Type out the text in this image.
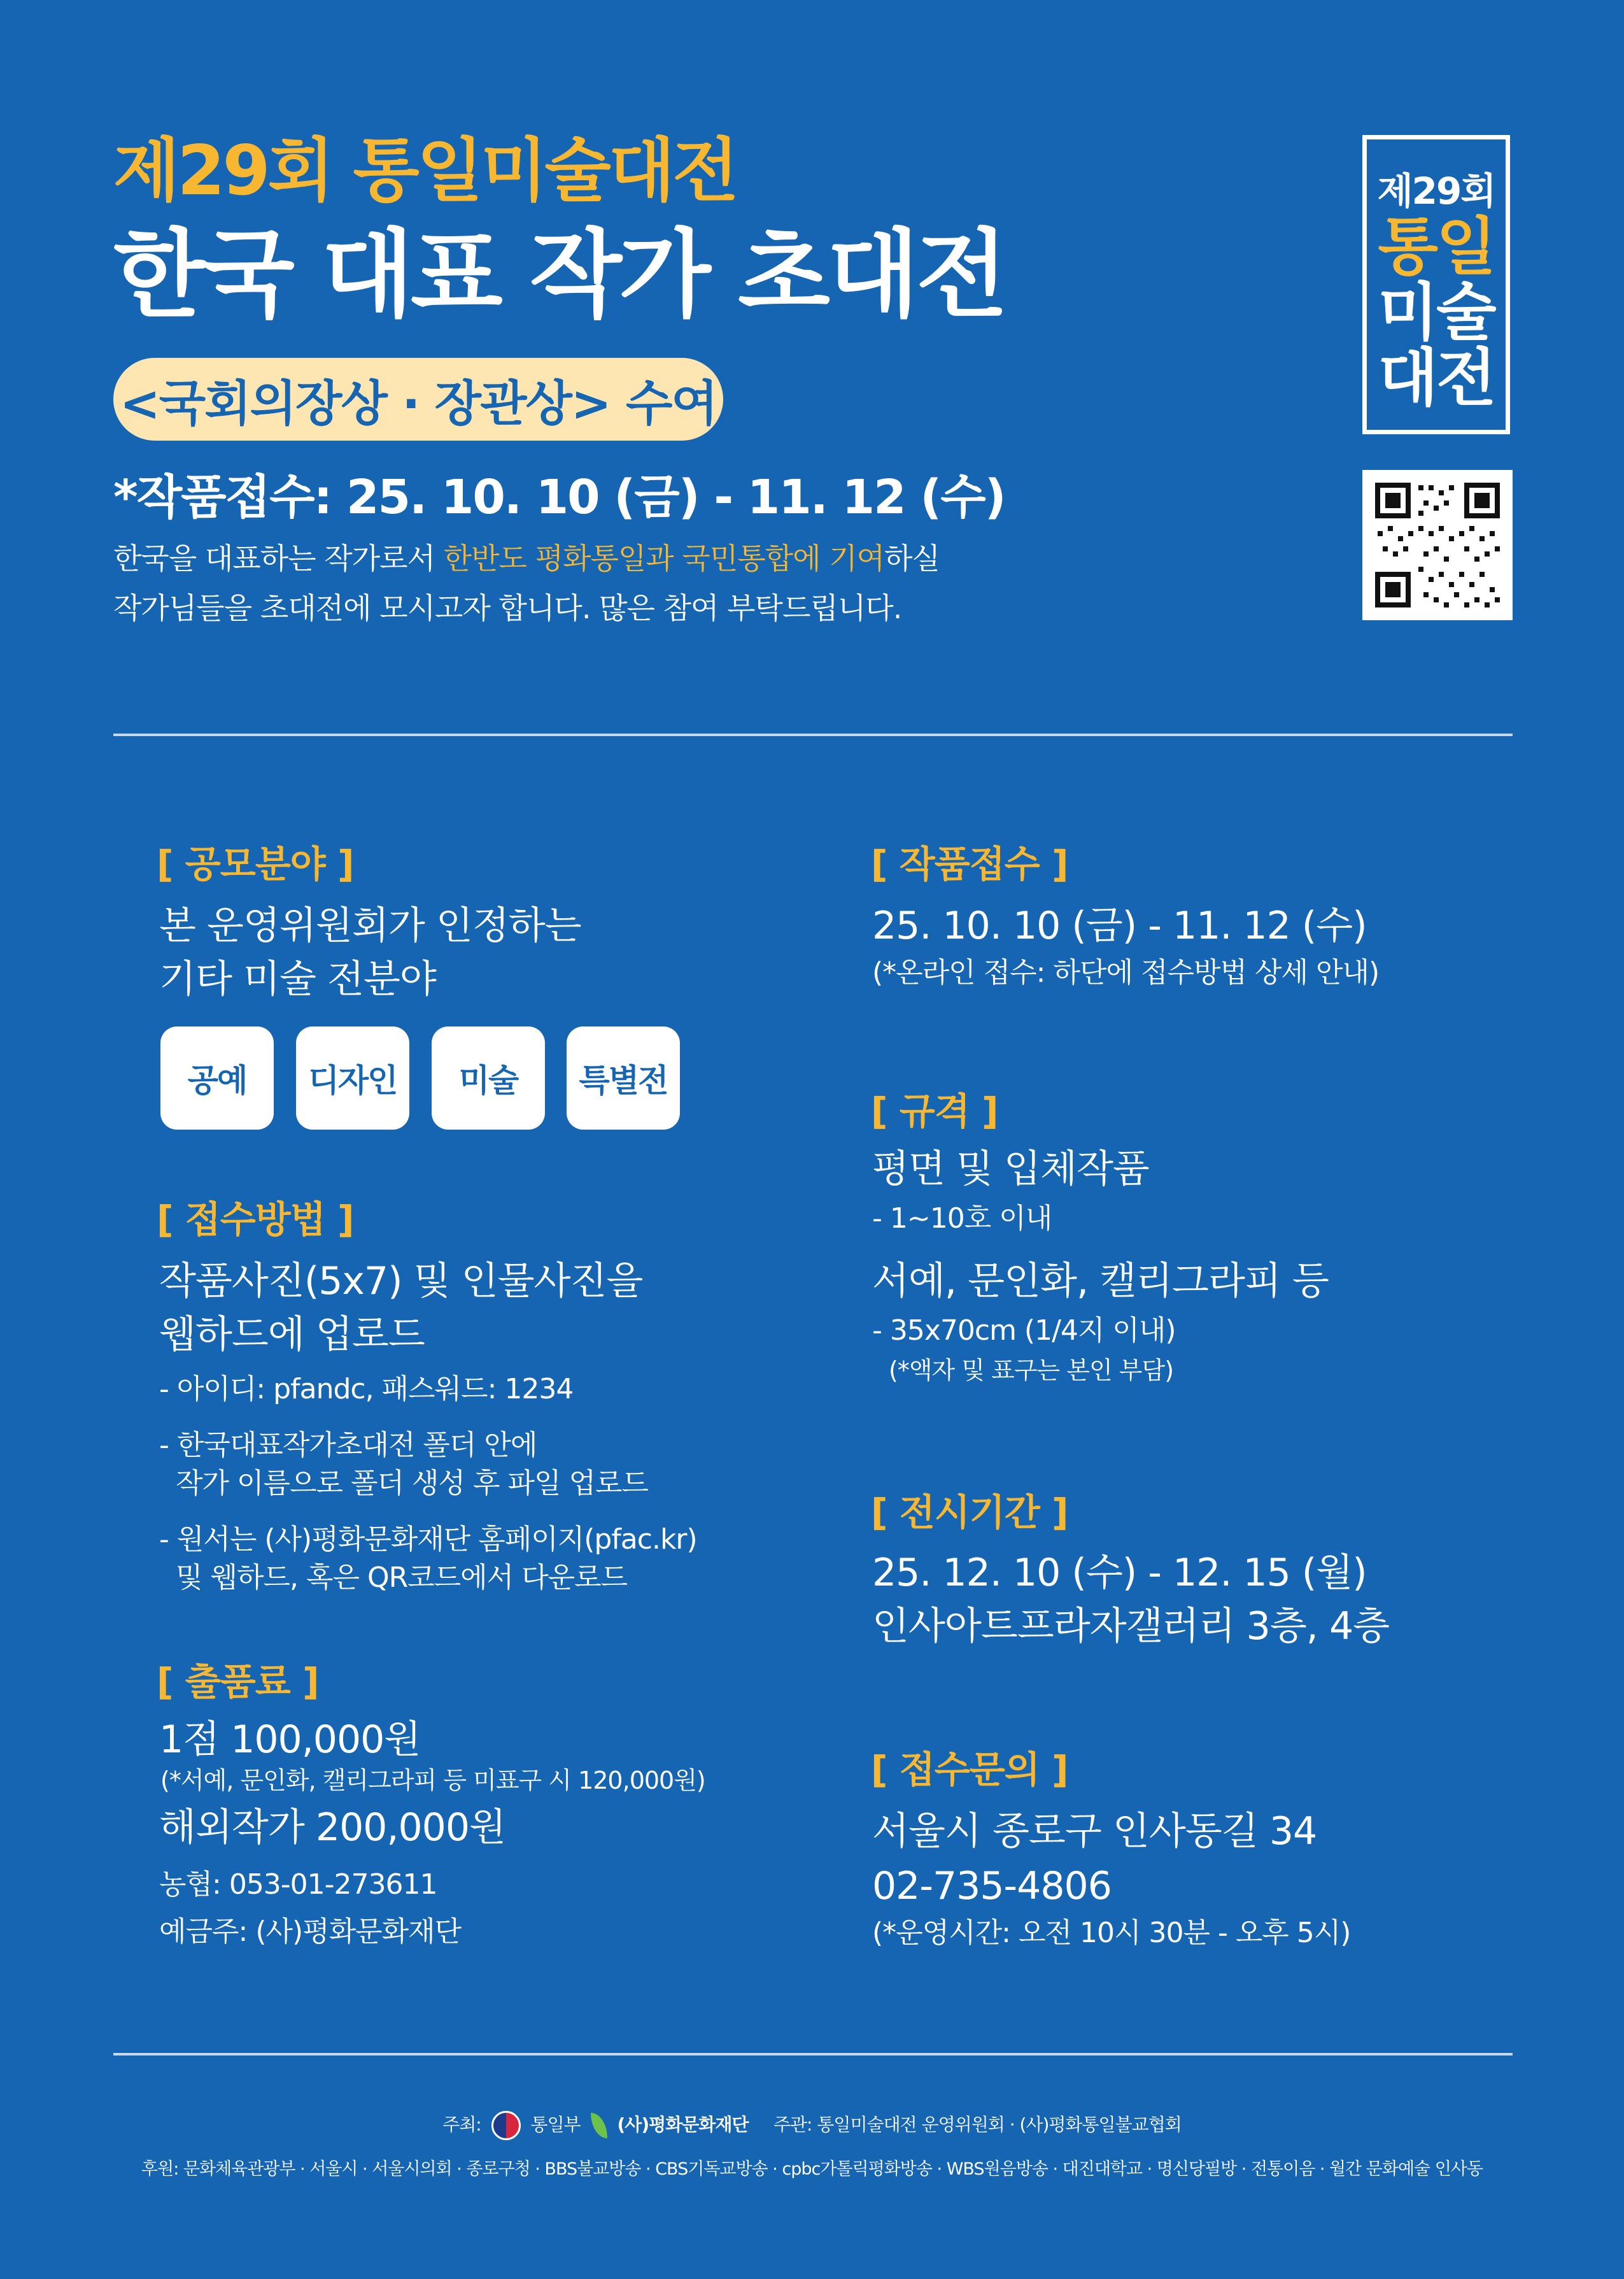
제29회 통일미술대전
한국 대표 작가 초대전
<국회의장상 · 장관상> 수여
*작품접수: 25. 10. 10 (금) - 11. 12 (수)
한국을 대표하는 작가로서 한반도 평화통일과 국민통합에 기여하실
작가님들을 초대전에 모시고자 합니다. 많은 참여 부탁드립니다.
제29회
통일
미술
대전
[ 공모분야 ]
본 운영위원회가 인정하는
기타 미술 전분야
공예	디자인	미술	특별전
[ 접수방법 ]
작품사진(5x7) 및 인물사진을
웹하드에 업로드
- 아이디: pfandc, 패스워드: 1234
- 한국대표작가초대전 폴더 안에
작가 이름으로 폴더 생성 후 파일 업로드
- 원서는 (사)평화문화재단 홈페이지(pfac.kr)
및 웹하드, 혹은 QR코드에서 다운로드
[ 출품료 ]
1점 100,000원
(*서예, 문인화, 캘리그라피 등 미표구 시 120,000원)
해외작가 200,000원
농협: 053-01-273611
예금주: (사)평화문화재단
[ 작품접수 ]
25. 10. 10 (금) - 11. 12 (수)
(*온라인 접수: 하단에 접수방법 상세 안내)
[ 규격 ]
평면 및 입체작품
- 1~10호 이내
서예, 문인화, 캘리그라피 등
- 35x70cm (1/4지 이내)
(*액자 및 표구는 본인 부담)
[ 전시기간 ]
25. 12. 10 (수) - 12. 15 (월)
인사아트프라자갤러리 3층, 4층
[ 접수문의 ]
서울시 종로구 인사동길 34
02-735-4806
(*운영시간: 오전 10시 30분 - 오후 5시)
주최:	통일부 (사)평화문화재단 주관: 통일미술대전 운영위원회 · (사)평화통일불교협회
후원: 문화체육관광부 · 서울시 · 서울시의회 · 종로구청 · BBS불교방송 · CBS기독교방송 · cpbc가톨릭평화방송 · WBS원음방송 · 대진대학교 · 명신당필방 · 전통이음 · 월간 문화예술 인사동
